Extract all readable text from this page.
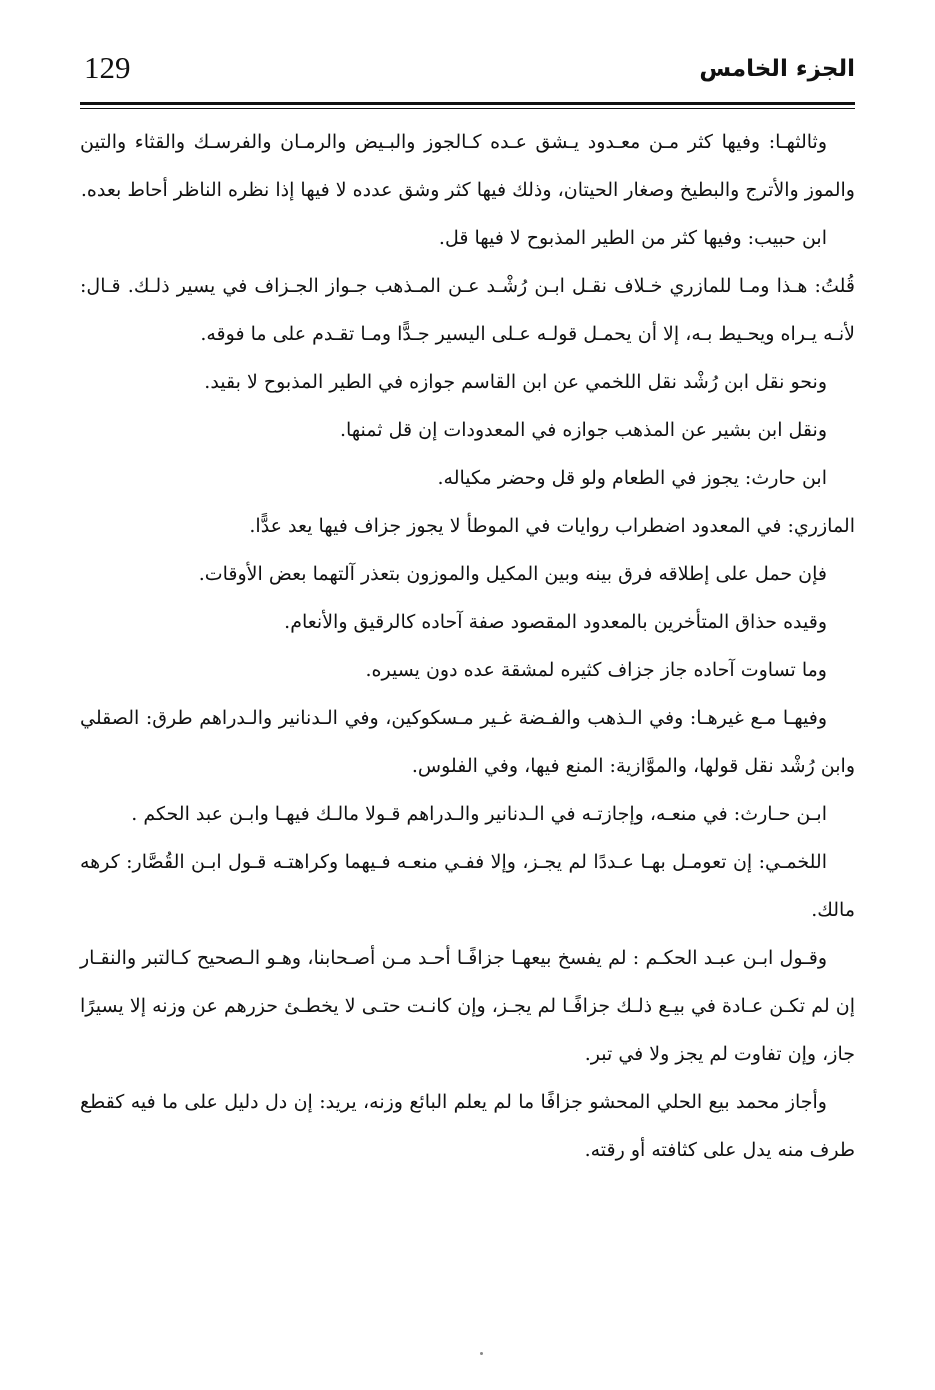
129	الجزء الخامس

وثالثهـا: وفيها كثر مـن معـدود يـشق عـده كـالجوز والبـيض والرمـان والفرسـك والقثاء والتين والموز والأترج والبطيخ وصغار الحيتان، وذلك فيها كثر وشق عدده لا فيها إذا نظره الناظر أحاط بعده.

ابن حبيب: وفيها كثر من الطير المذبوح لا فيها قل.

قُلتُ: هـذا ومـا للمازري خـلاف نقـل ابـن رُشْـد عـن المـذهب جـواز الجـزاف في يسير ذلـك. قـال: لأنـه يـراه ويحـيط بـه، إلا أن يحمـل قولـه عـلى اليسير جـدًّا ومـا تقـدم على ما فوقه.

ونحو نقل ابن رُشْد نقل اللخمي عن ابن القاسم جوازه في الطير المذبوح لا بقيد.

ونقل ابن بشير عن المذهب جوازه في المعدودات إن قل ثمنها.

ابن حارث: يجوز في الطعام ولو قل وحضر مكياله.

المازري: في المعدود اضطراب روايات في الموطأ لا يجوز جزاف فيها يعد عدًّا.

فإن حمل على إطلاقه فرق بينه وبين المكيل والموزون بتعذر آلتهما بعض الأوقات.

وقيده حذاق المتأخرين بالمعدود المقصود صفة آحاده كالرقيق والأنعام.

وما تساوت آحاده جاز جزاف كثيره لمشقة عده دون يسيره.

وفيهـا مـع غيرهـا: وفي الـذهب والفـضة غـير مـسكوكين، وفي الـدنانير والـدراهم طرق: الصقلي وابن رُشْد نقل قولها، والموَّازية: المنع فيها، وفي الفلوس.

ابـن حـارث: في منعـه، وإجازتـه في الـدنانير والـدراهم قـولا مالـك فيهـا وابـن عبد الحكم .

اللخمـي: إن تعومـل بهـا عـددًا لم يجـز، وإلا ففـي منعـه فـيهما وكراهتـه قـول ابـن القُصَّار: كرهه مالك.

وقـول ابـن عبـد الحكـم : لم يفسخ بيعهـا جزافًـا أحـد مـن أصـحابنا، وهـو الـصحيح كـالتبر والنقـار إن لم تكـن عـادة في بيـع ذلـك جزافًـا لم يجـز، وإن كانـت حتـى لا يخطـئ حزرهم عن وزنه إلا يسيرًا جاز، وإن تفاوت لم يجز ولا في تبر.

وأجاز محمد بيع الحلي المحشو جزافًا ما لم يعلم البائع وزنه، يريد: إن دل دليل على ما فيه كقطع طرف منه يدل على كثافته أو رقته.
